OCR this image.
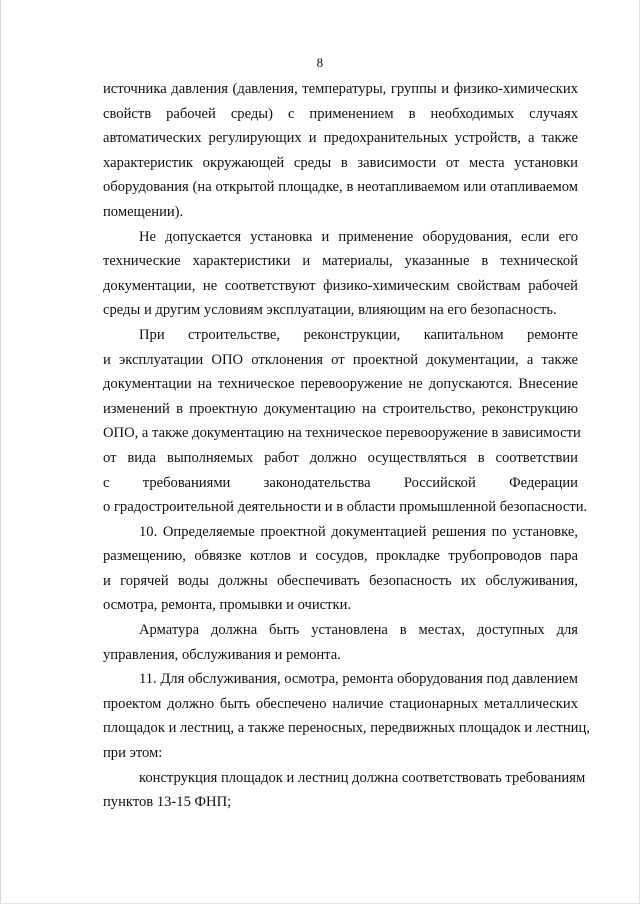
8
источника давления (давления, температуры, группы и физико-химических
свойств рабочей среды) с применением в необходимых случаях
автоматических регулирующих и предохранительных устройств, а также
характеристик окружающей среды в зависимости от места установки
оборудования (на открытой площадке, в неотапливаемом или отапливаемом
помещении).
Не допускается установка и применение оборудования, если его
технические характеристики и материалы, указанные в технической
документации, не соответствуют физико-химическим свойствам рабочей
среды и другим условиям эксплуатации, влияющим на его безопасность.
При строительстве, реконструкции, капитальном ремонте
и эксплуатации ОПО отклонения от проектной документации, а также
документации на техническое перевооружение не допускаются. Внесение
изменений в проектную документацию на строительство, реконструкцию
ОПО, а также документацию на техническое перевооружение в зависимости
от вида выполняемых работ должно осуществляться в соответствии
с требованиями законодательства Российской Федерации
о градостроительной деятельности и в области промышленной безопасности.
10. Определяемые проектной документацией решения по установке,
размещению, обвязке котлов и сосудов, прокладке трубопроводов пара
и горячей воды должны обеспечивать безопасность их обслуживания,
осмотра, ремонта, промывки и очистки.
Арматура должна быть установлена в местах, доступных для
управления, обслуживания и ремонта.
11. Для обслуживания, осмотра, ремонта оборудования под давлением
проектом должно быть обеспечено наличие стационарных металлических
площадок и лестниц, а также переносных, передвижных площадок и лестниц,
при этом:
конструкция площадок и лестниц должна соответствовать требованиям
пунктов 13-15 ФНП;
